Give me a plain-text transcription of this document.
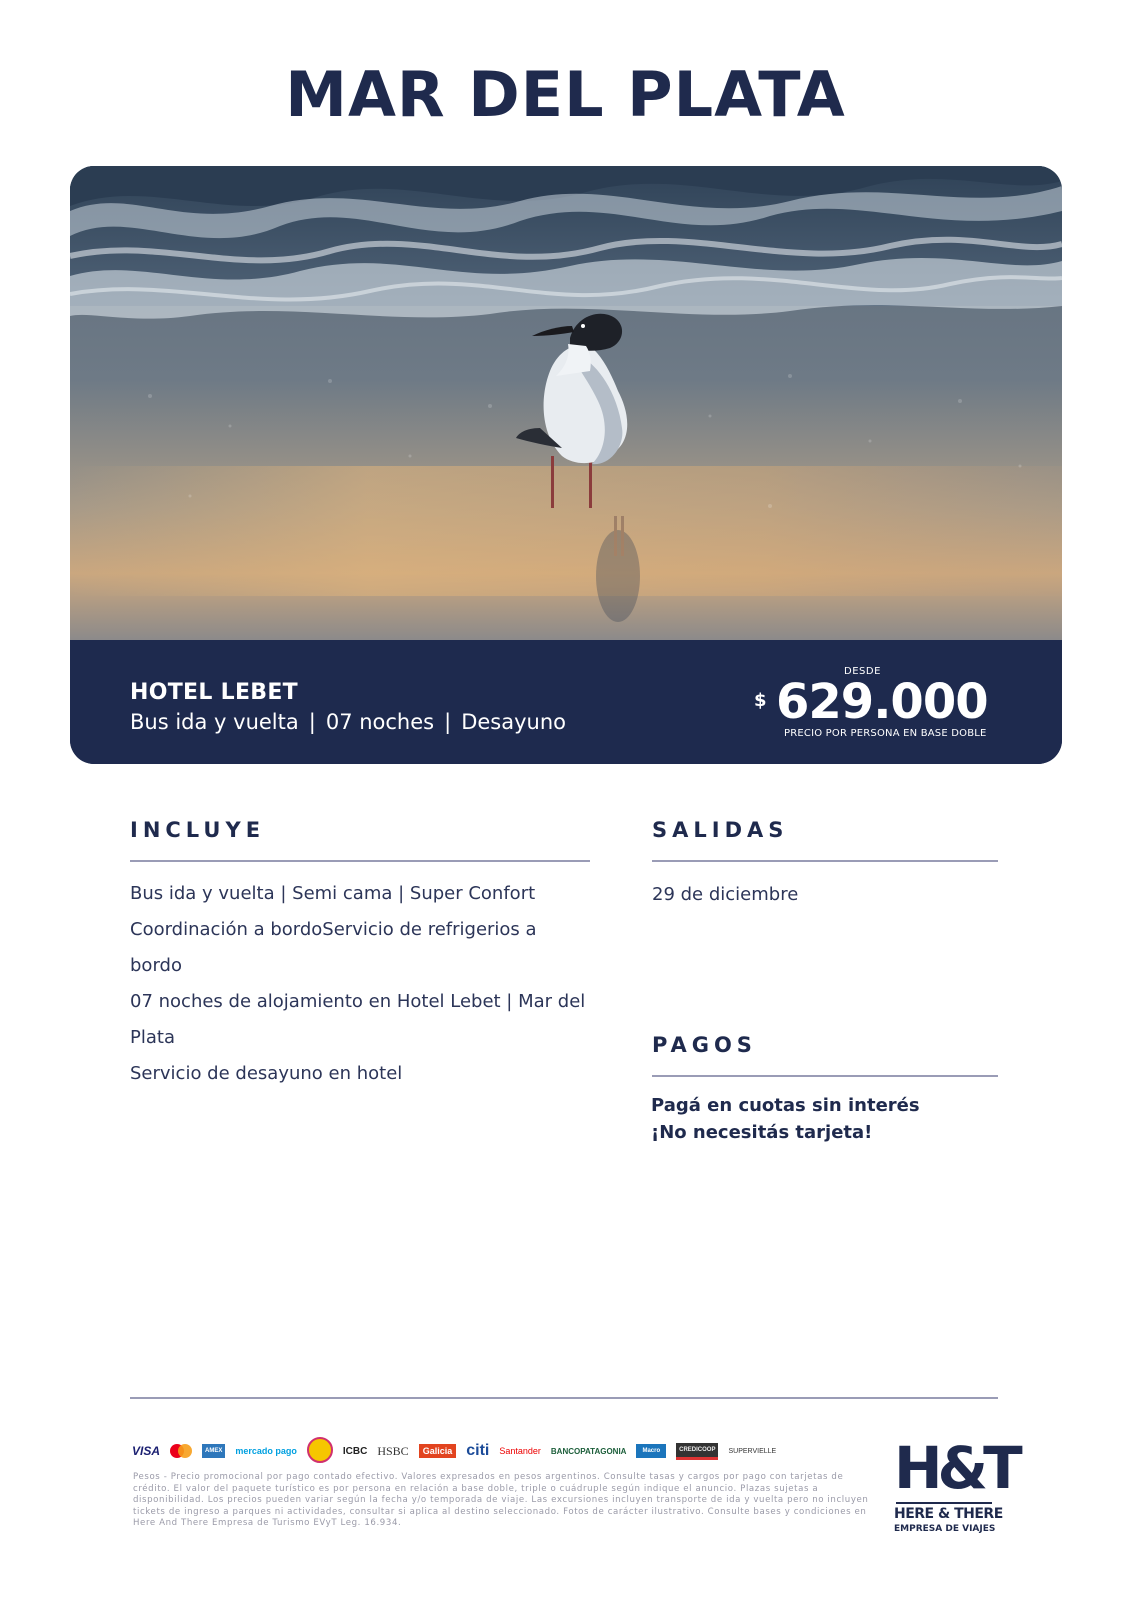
MAR DEL PLATA
HOTEL LEBET
Bus ida y vuelta | 07 noches | Desayuno
DESDE
$ 629.000
PRECIO POR PERSONA EN BASE DOBLE
INCLUYE
Bus ida y vuelta | Semi cama | Super Confort
Coordinación a bordoServicio de refrigerios a bordo
07 noches de alojamiento en Hotel Lebet | Mar del Plata
Servicio de desayuno en hotel
SALIDAS
29 de diciembre
PAGOS
Pagá en cuotas sin interés
¡No necesitás tarjeta!
VISA	AMEX	mercado pago	ICBC HSBC	Galicia citi Santander BANCOPATAGONIA	Macro	CREDICOOP	SUPERVIELLE

Pesos - Precio promocional por pago contado efectivo. Valores expresados en pesos argentinos. Consulte tasas y cargos por pago con tarjetas de crédito. El valor del paquete turístico es por persona en relación a base doble, triple o cuádruple según indique el anuncio. Plazas sujetas a disponibilidad. Los precios pueden variar según la fecha y/o temporada de viaje. Las excursiones incluyen transporte de ida y vuelta pero no incluyen tickets de ingreso a parques ni actividades, consultar si aplica al destino seleccionado. Fotos de carácter ilustrativo. Consulte bases y condiciones en Here And There Empresa de Turismo EVyT Leg. 16.934.

H&T
HERE & THERE
EMPRESA DE VIAJES
